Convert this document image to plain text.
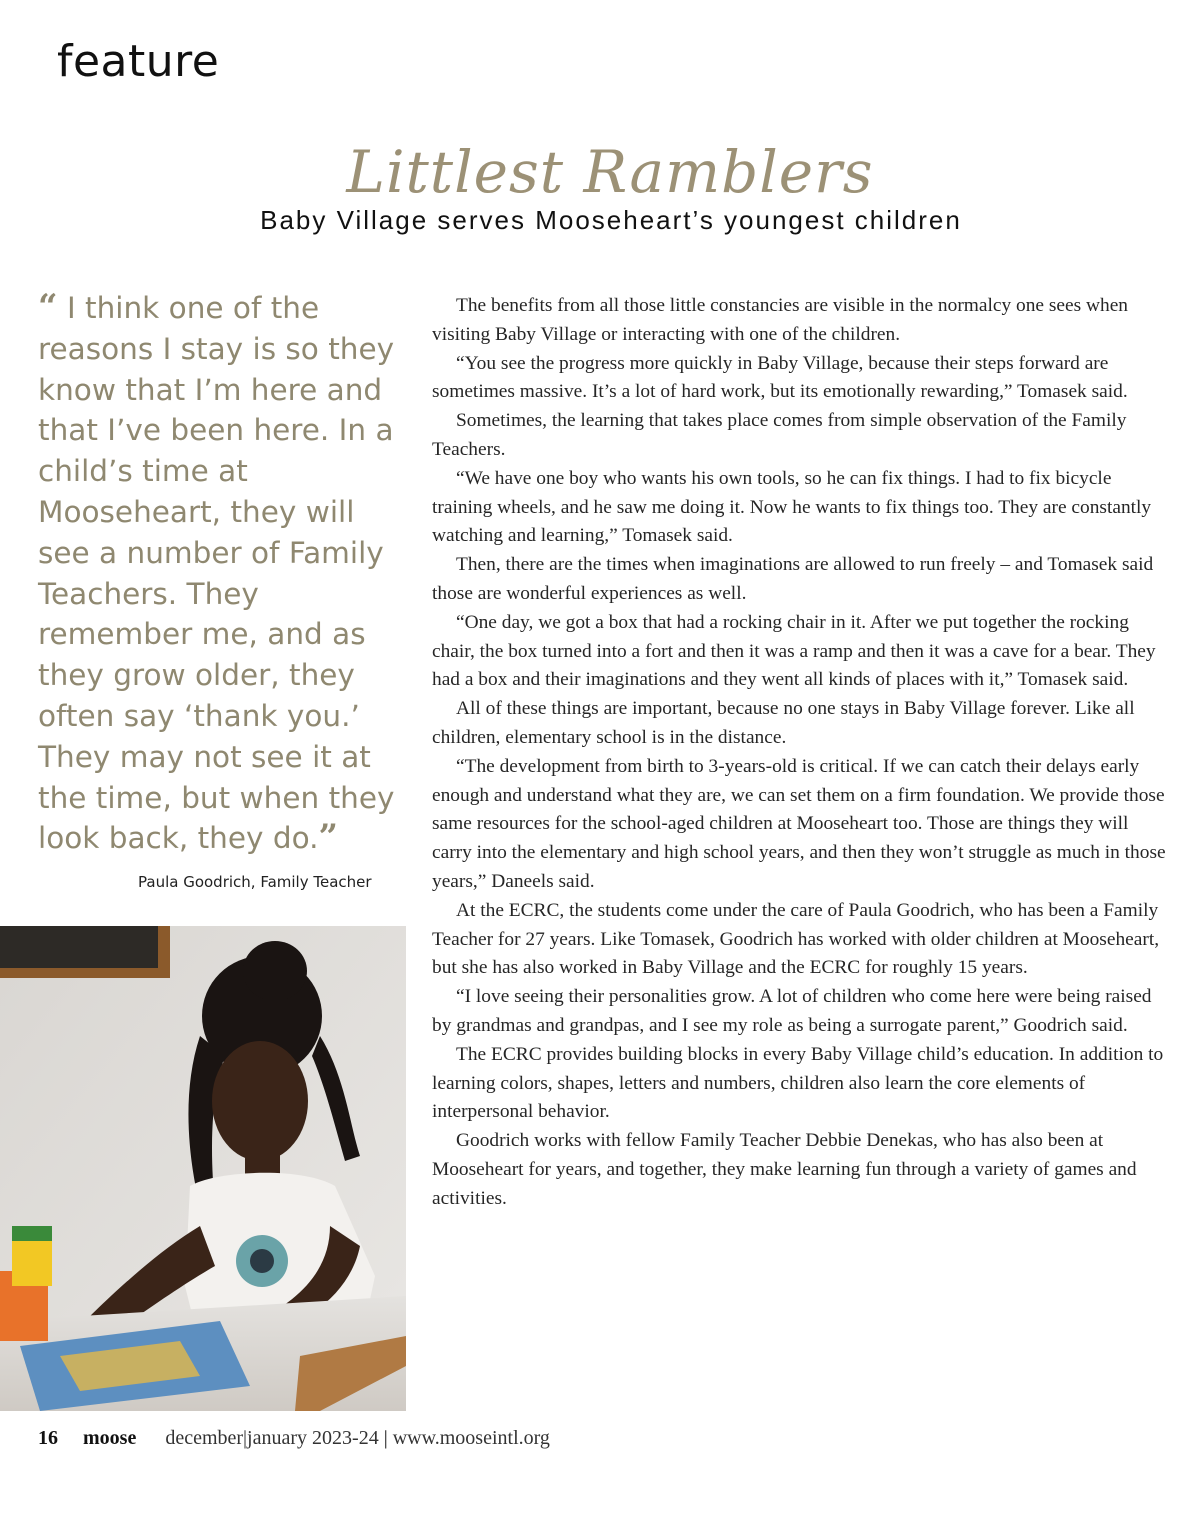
feature
Littlest Ramblers
Baby Village serves Mooseheart’s youngest children

“ I think one of the reasons I stay is so they know that I’m here and that I’ve been here. In a child’s time at Mooseheart, they will see a number of Family Teachers. They remember me, and as they grow older, they often say ‘thank you.’ They may not see it at the time, but when they look back, they do.”

Paula Goodrich, Family Teacher

The benefits from all those little constancies are visible in the normalcy one sees when visiting Baby Village or interacting with one of the children.

“You see the progress more quickly in Baby Village, because their steps forward are sometimes massive. It’s a lot of hard work, but its emotionally rewarding,” Tomasek said.

Sometimes, the learning that takes place comes from simple observation of the Family Teachers.

“We have one boy who wants his own tools, so he can fix things. I had to fix bicycle training wheels, and he saw me doing it. Now he wants to fix things too. They are constantly watching and learning,” Tomasek said.

Then, there are the times when imaginations are allowed to run freely – and Tomasek said those are wonderful experiences as well.

“One day, we got a box that had a rocking chair in it. After we put together the rocking chair, the box turned into a fort and then it was a ramp and then it was a cave for a bear. They had a box and their imaginations and they went all kinds of places with it,” Tomasek said.

All of these things are important, because no one stays in Baby Village forever. Like all children, elementary school is in the distance.

“The development from birth to 3-years-old is critical. If we can catch their delays early enough and understand what they are, we can set them on a firm foundation. We provide those same resources for the school-aged children at Mooseheart too. Those are things they will carry into the elementary and high school years, and then they won’t struggle as much in those years,” Daneels said.

At the ECRC, the students come under the care of Paula Goodrich, who has been a Family Teacher for 27 years. Like Tomasek, Goodrich has worked with older children at Mooseheart, but she has also worked in Baby Village and the ECRC for roughly 15 years.

“I love seeing their personalities grow. A lot of children who come here were being raised by grandmas and grandpas, and I see my role as being a surrogate parent,” Goodrich said.

The ECRC provides building blocks in every Baby Village child’s education. In addition to learning colors, shapes, letters and numbers, children also learn the core elements of interpersonal behavior.

Goodrich works with fellow Family Teacher Debbie Denekas, who has also been at Mooseheart for years, and together, they make learning fun through a variety of games and activities.

16 moose december|january 2023-24 | www.mooseintl.org
